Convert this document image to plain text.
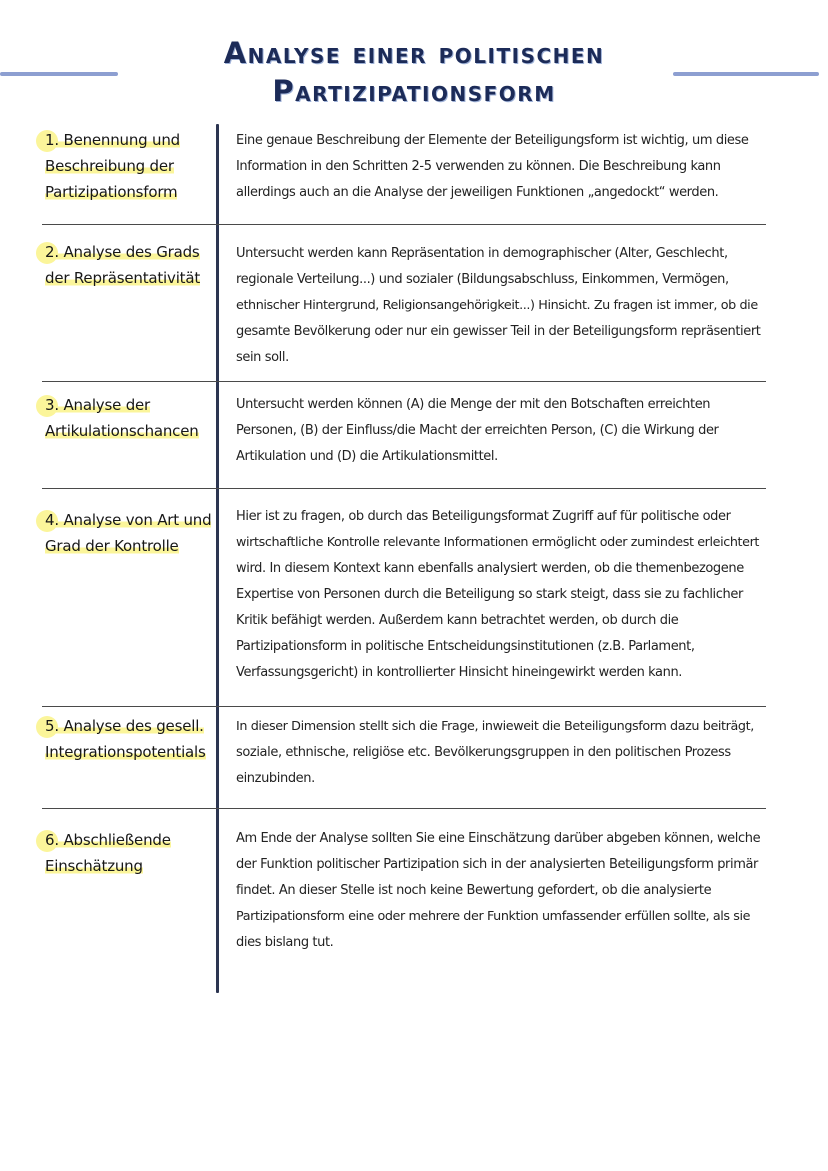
Analyse einer politischen
Partizipationsform
1. Benennung und
Beschreibung der
Partizipationsform
Eine genaue Beschreibung der Elemente der Beteiligungsform ist wichtig, um diese
Information in den Schritten 2-5 verwenden zu können. Die Beschreibung kann
allerdings auch an die Analyse der jeweiligen Funktionen „angedockt“ werden.
2. Analyse des Grads
der Repräsentativität
Untersucht werden kann Repräsentation in demographischer (Alter, Geschlecht,
regionale Verteilung...) und sozialer (Bildungsabschluss, Einkommen, Vermögen,
ethnischer Hintergrund, Religionsangehörigkeit...) Hinsicht. Zu fragen ist immer, ob die
gesamte Bevölkerung oder nur ein gewisser Teil in der Beteiligungsform repräsentiert
sein soll.
3. Analyse der
Artikulationschancen
Untersucht werden können (A) die Menge der mit den Botschaften erreichten
Personen, (B) der Einfluss/die Macht der erreichten Person, (C) die Wirkung der
Artikulation und (D) die Artikulationsmittel.
4. Analyse von Art und
Grad der Kontrolle
Hier ist zu fragen, ob durch das Beteiligungsformat Zugriff auf für politische oder
wirtschaftliche Kontrolle relevante Informationen ermöglicht oder zumindest erleichtert
wird. In diesem Kontext kann ebenfalls analysiert werden, ob die themenbezogene
Expertise von Personen durch die Beteiligung so stark steigt, dass sie zu fachlicher
Kritik befähigt werden. Außerdem kann betrachtet werden, ob durch die
Partizipationsform in politische Entscheidungsinstitutionen (z.B. Parlament,
Verfassungsgericht) in kontrollierter Hinsicht hineingewirkt werden kann.
5. Analyse des gesell.
Integrationspotentials
In dieser Dimension stellt sich die Frage, inwieweit die Beteiligungsform dazu beiträgt,
soziale, ethnische, religiöse etc. Bevölkerungsgruppen in den politischen Prozess
einzubinden.
6. Abschließende
Einschätzung
Am Ende der Analyse sollten Sie eine Einschätzung darüber abgeben können, welche
der Funktion politischer Partizipation sich in der analysierten Beteiligungsform primär
findet. An dieser Stelle ist noch keine Bewertung gefordert, ob die analysierte
Partizipationsform eine oder mehrere der Funktion umfassender erfüllen sollte, als sie
dies bislang tut.
